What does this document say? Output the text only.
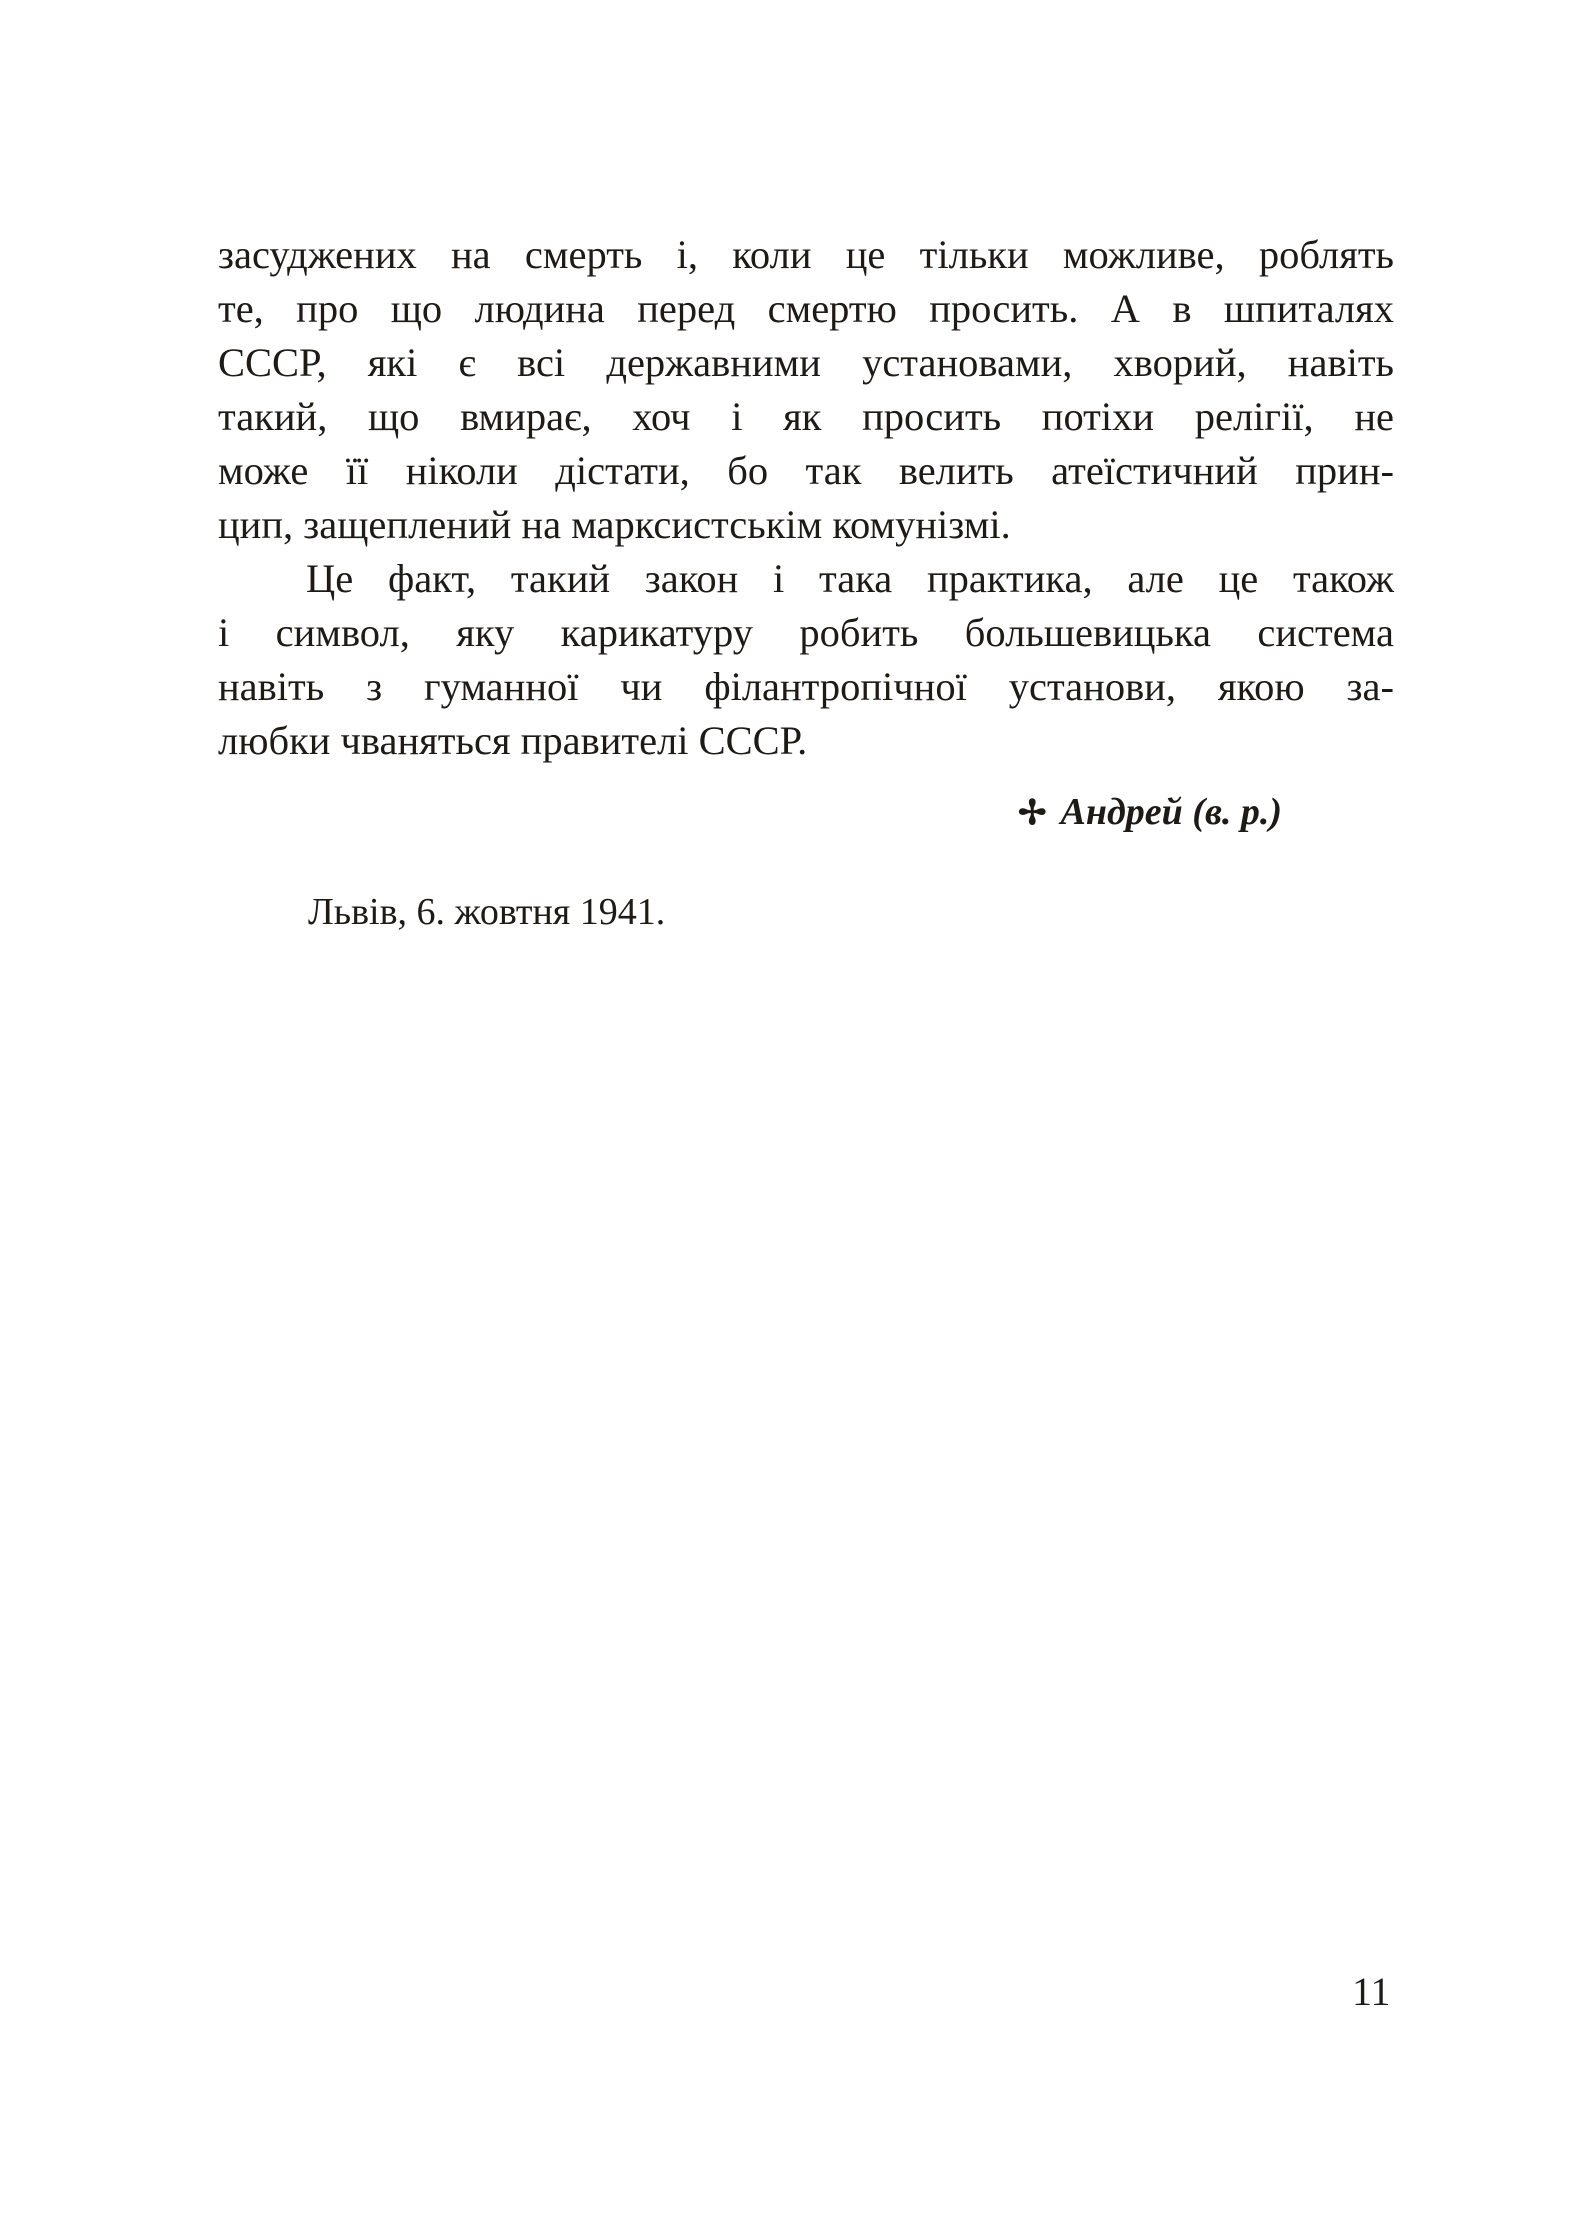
засуджених на смерть і, коли це тільки можливе, роблять
те, про що людина перед смертю просить. А в шпиталях
СССР, які є всі державними установами, хворий, навіть
такий, що вмирає, хоч і як просить потіхи релігії, не
може її ніколи дістати, бо так велить атеїстичний прин-
цип, защеплений на марксистськім комунізмі.
Це факт, такий закон і така практика, але це також
і символ, яку карикатуру робить большевицька система
навіть з гуманної чи філантропічної установи, якою за-
любки чваняться правителі СССР.
✢ Андрей (в. р.)
Львів, 6. жовтня 1941.
11
